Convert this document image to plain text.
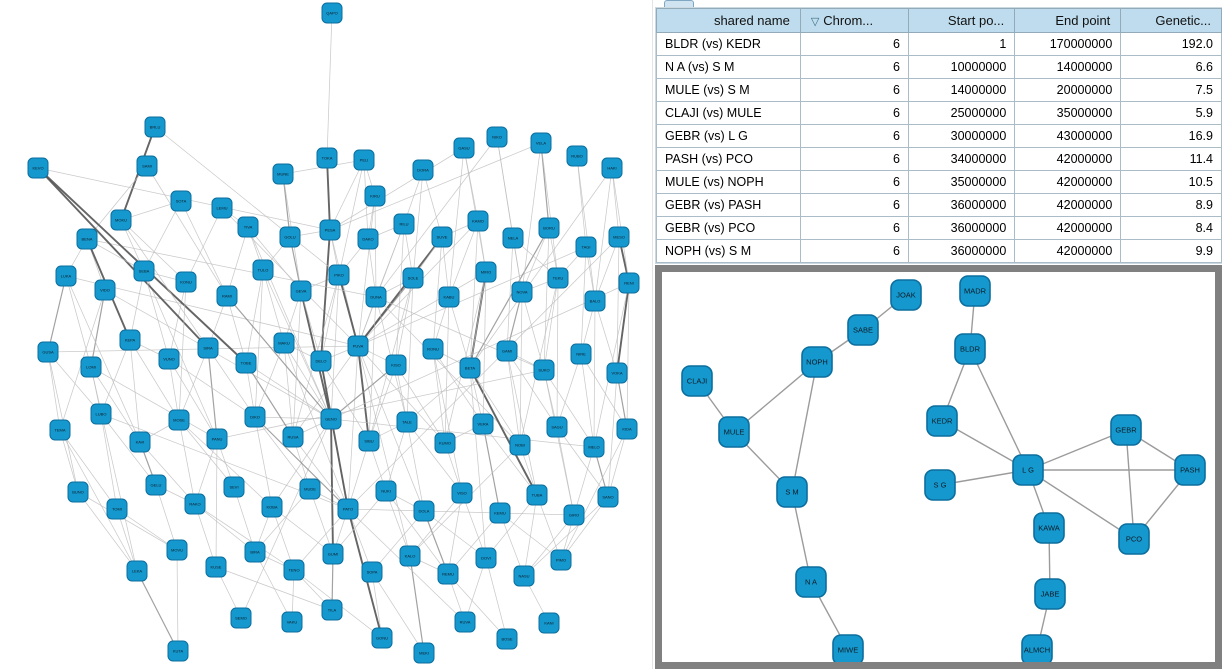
QAPO
BRLU
KEVO	SAMI
TOKA
MUNE
PELI
DORA
GASU
NIKO
VELA
RUBO
HAKI
LEMU
SOTA
KIRU
BENA
MOKU
TIVA
GOLU
PESA
DAKO
RILU
SUVE
KAMO
NELA
BORU
TAGI
MESO
LUKA
VIDO
SEBA
KONU
RAMI
TULO
GEVA
PIKO
DUNA
SOLE
KABU
MIRO
NOVA
TEKU
BALO
RENI
GUSA
LOMI
KEPA
VUNO
SIRA
TOBE
MAKU
DELO
PUVA
KISO
RONU
BETA
GAMI
SUKO
NIRE
VOKA
TEMA
LUBO
KAVI
MOSE
PANU
DIKO
RUSA
GENO
SIBU
TALE
KUMO
VERA
NOBI
SAGU
MELO
KIDA
BUNO
TOMI
GELU
RAKO
SEVI
KOBA
MUDE
PATO
NUKI
DOLA
VISO
KEMU
TUBA
GIRO
SANO
LEKA
MOVU
KUSE
BIRA
TENO
GUMI
SOPA
KALO
REMU
DOVI
NASU
PIMO
KUTA
SEMO
VAKU
TILA
GONU
MEKI
RUVA
BOSE
KANI
shared name	▽ Chrom...	Start po...	End point	Genetic...
BLDR (vs) KEDR	6	1	170000000	192.0
N A (vs) S M	6	10000000	14000000	6.6
MULE (vs) S M	6	14000000	20000000	7.5
CLAJI (vs) MULE	6	25000000	35000000	5.9
GEBR (vs) L G	6	30000000	43000000	16.9
PASH (vs) PCO	6	34000000	42000000	11.4
MULE (vs) NOPH	6	35000000	42000000	10.5
GEBR (vs) PASH	6	36000000	42000000	8.9
GEBR (vs) PCO	6	36000000	42000000	8.4
NOPH (vs) S M	6	36000000	42000000	9.9
JOAK	MADR
SABE
NOPH
BLDR
CLAJI
MULE
KEDR
GEBR
L G
S G
PASH
S M
KAWA
PCO
N A
JABE
MIWE	ALMCH
